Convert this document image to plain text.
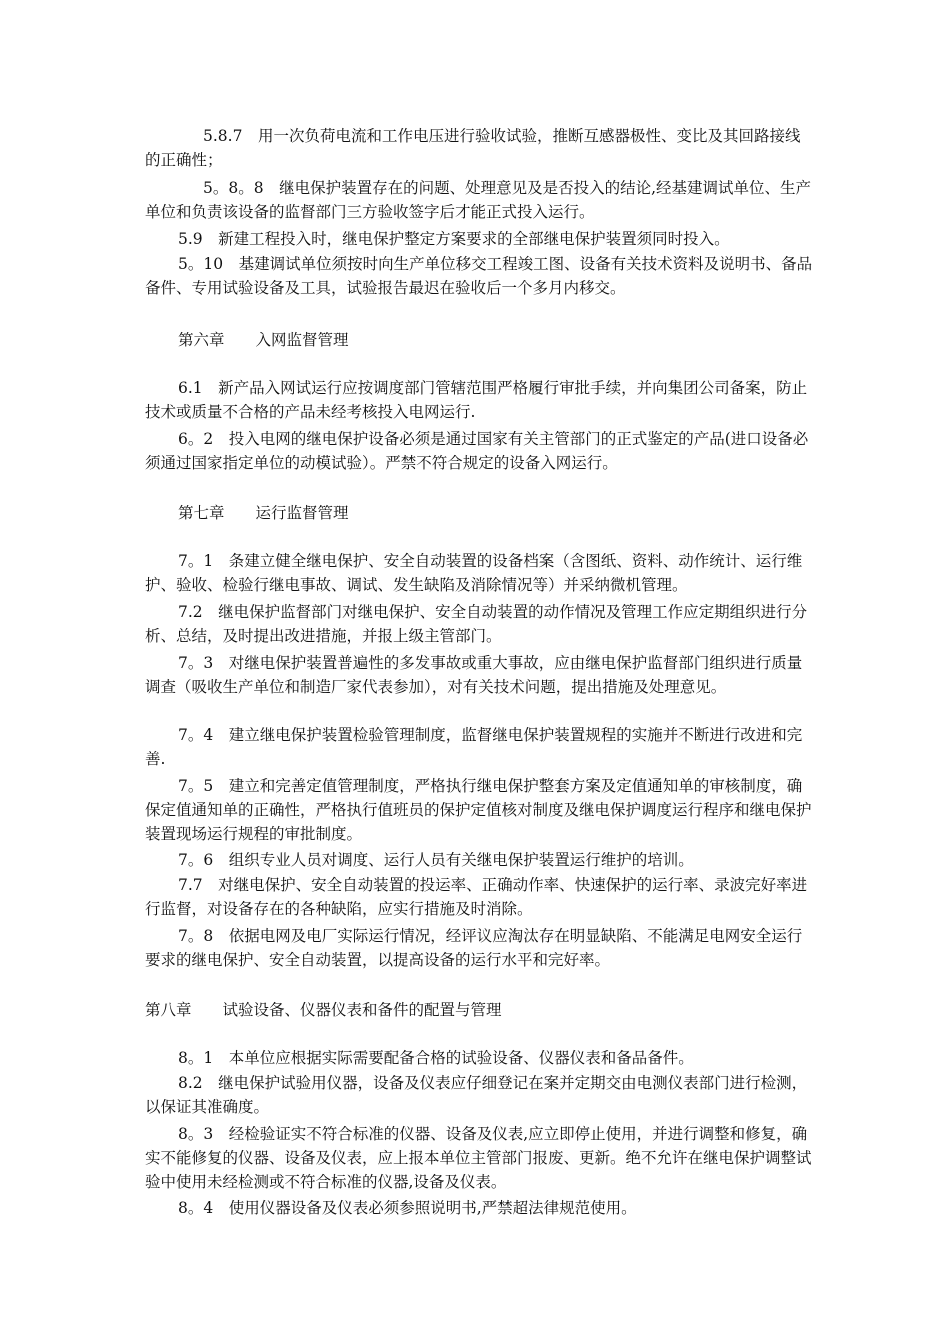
5.8.7　用一次负荷电流和工作电压进行验收试验，推断互感器极性、变比及其回路接线的正确性；
5。8。8　继电保护装置存在的问题、处理意见及是否投入的结论,经基建调试单位、生产单位和负责该设备的监督部门三方验收签字后才能正式投入运行。
5.9　新建工程投入时，继电保护整定方案要求的全部继电保护装置须同时投入。
5。10　基建调试单位须按时向生产单位移交工程竣工图、设备有关技术资料及说明书、备品备件、专用试验设备及工具，试验报告最迟在验收后一个多月内移交。
第六章　　入网监督管理
6.1　新产品入网试运行应按调度部门管辖范围严格履行审批手续，并向集团公司备案，防止技术或质量不合格的产品未经考核投入电网运行.
6。2　投入电网的继电保护设备必须是通过国家有关主管部门的正式鉴定的产品(进口设备必须通过国家指定单位的动模试验）。严禁不符合规定的设备入网运行。
第七章　　运行监督管理
7。1　条建立健全继电保护、安全自动装置的设备档案（含图纸、资料、动作统计、运行维护、验收、检验行继电事故、调试、发生缺陷及消除情况等）并采纳微机管理。
7.2　继电保护监督部门对继电保护、安全自动装置的动作情况及管理工作应定期组织进行分析、总结，及时提出改进措施，并报上级主管部门。
7。3　对继电保护装置普遍性的多发事故或重大事故，应由继电保护监督部门组织进行质量调查（吸收生产单位和制造厂家代表参加），对有关技术问题，提出措施及处理意见。
7。4　建立继电保护装置检验管理制度，监督继电保护装置规程的实施并不断进行改进和完善.
7。5　建立和完善定值管理制度，严格执行继电保护整套方案及定值通知单的审核制度，确保定值通知单的正确性，严格执行值班员的保护定值核对制度及继电保护调度运行程序和继电保护装置现场运行规程的审批制度。
7。6　组织专业人员对调度、运行人员有关继电保护装置运行维护的培训。
7.7　对继电保护、安全自动装置的投运率、正确动作率、快速保护的运行率、录波完好率进行监督，对设备存在的各种缺陷，应实行措施及时消除。
7。8　依据电网及电厂实际运行情况，经评议应淘汰存在明显缺陷、不能满足电网安全运行要求的继电保护、安全自动装置，以提高设备的运行水平和完好率。
第八章　　试验设备、仪器仪表和备件的配置与管理
8。1　本单位应根据实际需要配备合格的试验设备、仪器仪表和备品备件。
8.2　继电保护试验用仪器，设备及仪表应仔细登记在案并定期交由电测仪表部门进行检测，以保证其准确度。
8。3　经检验证实不符合标准的仪器、设备及仪表,应立即停止使用，并进行调整和修复，确实不能修复的仪器、设备及仪表，应上报本单位主管部门报废、更新。绝不允许在继电保护调整试验中使用未经检测或不符合标准的仪器,设备及仪表。
8。4　使用仪器设备及仪表必须参照说明书,严禁超法律规范使用。
